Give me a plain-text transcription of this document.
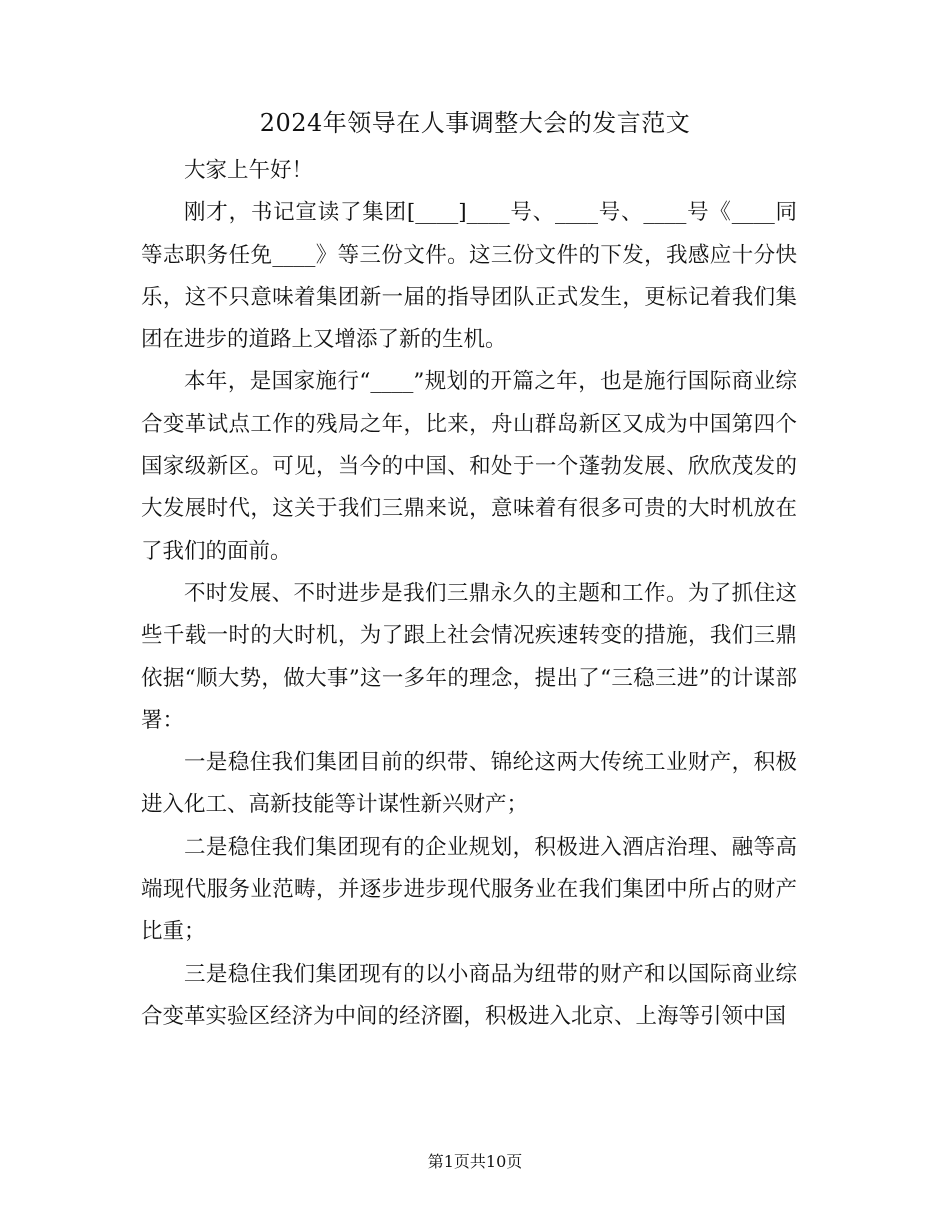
2024年领导在人事调整大会的发言范文

大家上午好！

刚才，书记宣读了集团[____]____号、____号、____号《____同等志职务任免____》等三份文件。这三份文件的下发，我感应十分快乐，这不只意味着集团新一届的指导团队正式发生，更标记着我们集团在进步的道路上又增添了新的生机。

本年，是国家施行“____”规划的开篇之年，也是施行国际商业综合变革试点工作的残局之年，比来，舟山群岛新区又成为中国第四个国家级新区。可见，当今的中国、和处于一个蓬勃发展、欣欣茂发的大发展时代，这关于我们三鼎来说，意味着有很多可贵的大时机放在了我们的面前。

不时发展、不时进步是我们三鼎永久的主题和工作。为了抓住这些千载一时的大时机，为了跟上社会情况疾速转变的措施，我们三鼎依据“顺大势，做大事”这一多年的理念，提出了“三稳三进”的计谋部署：

一是稳住我们集团目前的织带、锦纶这两大传统工业财产，积极进入化工、高新技能等计谋性新兴财产；

二是稳住我们集团现有的企业规划，积极进入酒店治理、融等高端现代服务业范畴，并逐步进步现代服务业在我们集团中所占的财产比重；

三是稳住我们集团现有的以小商品为纽带的财产和以国际商业综合变革实验区经济为中间的经济圈，积极进入北京、上海等引领中国

第1页共10页
